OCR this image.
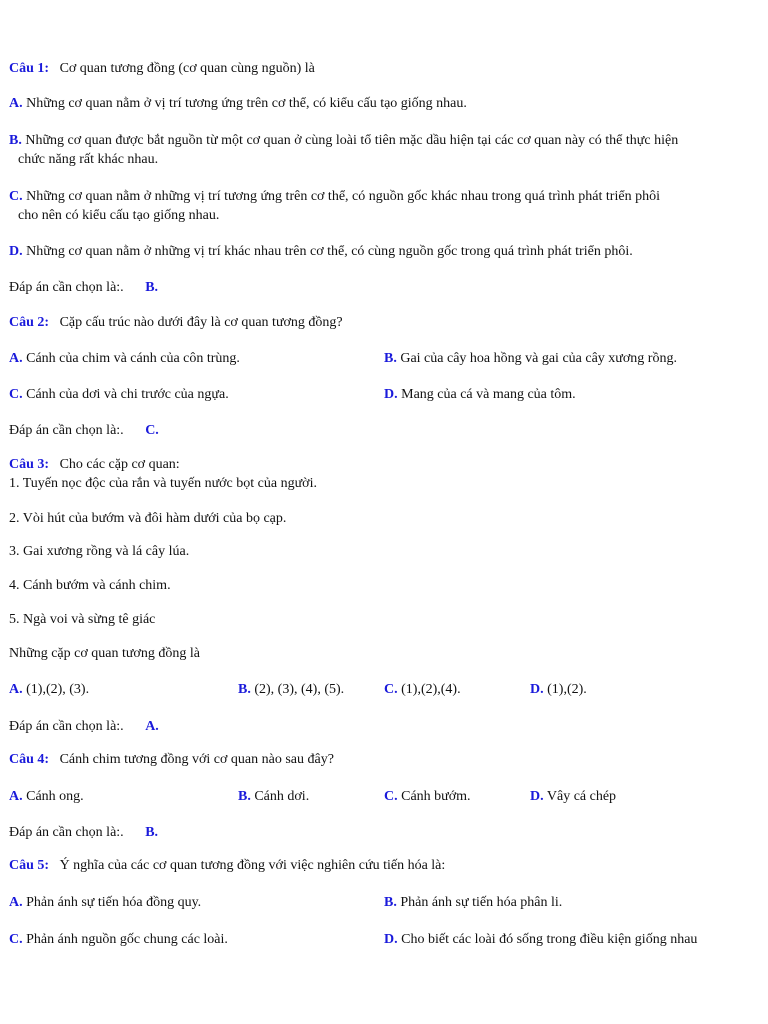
Câu 1: Cơ quan tương đồng (cơ quan cùng nguồn) là
A. Những cơ quan nằm ở vị trí tương ứng trên cơ thể, có kiểu cấu tạo giống nhau.
B. Những cơ quan được bắt nguồn từ một cơ quan ở cùng loài tổ tiên mặc dầu hiện tại các cơ quan này có thể thực hiện
chức năng rất khác nhau.
C. Những cơ quan nằm ở những vị trí tương ứng trên cơ thể, có nguồn gốc khác nhau trong quá trình phát triển phôi
cho nên có kiểu cấu tạo giống nhau.
D. Những cơ quan nằm ở những vị trí khác nhau trên cơ thể, có cùng nguồn gốc trong quá trình phát triển phôi.
Đáp án cần chọn là:. B.
Câu 2: Cặp cấu trúc nào dưới đây là cơ quan tương đồng?
A. Cánh của chim và cánh của côn trùng.	B. Gai của cây hoa hồng và gai của cây xương rồng.
C. Cánh của dơi và chi trước của ngựa.	D. Mang của cá và mang của tôm.
Đáp án cần chọn là:. C.
Câu 3: Cho các cặp cơ quan:
1. Tuyến nọc độc của rắn và tuyến nước bọt của người.
2. Vòi hút của bướm và đôi hàm dưới của bọ cạp.
3. Gai xương rồng và lá cây lúa.
4. Cánh bướm và cánh chim.
5. Ngà voi và sừng tê giác
Những cặp cơ quan tương đồng là
A. (1),(2), (3).	B. (2), (3), (4), (5).	C. (1),(2),(4).	D. (1),(2).
Đáp án cần chọn là:. A.
Câu 4: Cánh chim tương đồng với cơ quan nào sau đây?
A. Cánh ong.	B. Cánh dơi.	C. Cánh bướm.	D. Vây cá chép
Đáp án cần chọn là:. B.
Câu 5: Ý nghĩa của các cơ quan tương đồng với việc nghiên cứu tiến hóa là:
A. Phản ánh sự tiến hóa đồng quy.	B. Phản ánh sự tiến hóa phân li.
C. Phản ánh nguồn gốc chung các loài.	D. Cho biết các loài đó sống trong điều kiện giống nhau
